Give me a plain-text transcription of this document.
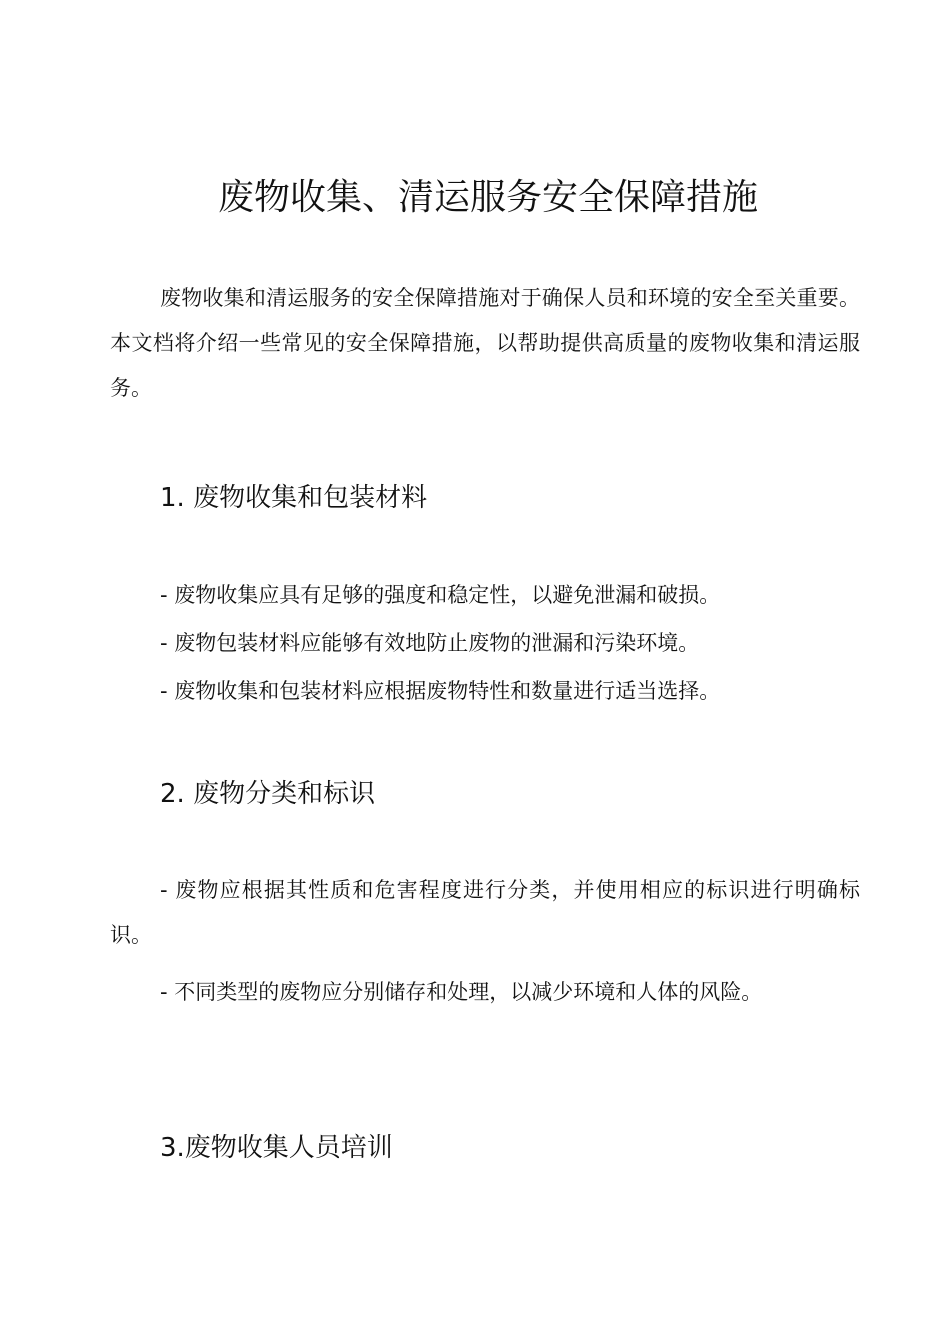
废物收集、清运服务安全保障措施

废物收集和清运服务的安全保障措施对于确保人员和环境的安全至关重要。本文档将介绍一些常见的安全保障措施，以帮助提供高质量的废物收集和清运服务。

1. 废物收集和包装材料

- 废物收集应具有足够的强度和稳定性，以避免泄漏和破损。

- 废物包装材料应能够有效地防止废物的泄漏和污染环境。

- 废物收集和包装材料应根据废物特性和数量进行适当选择。

2. 废物分类和标识

- 废物应根据其性质和危害程度进行分类，并使用相应的标识进行明确标识。

- 不同类型的废物应分别储存和处理，以减少环境和人体的风险。

3.废物收集人员培训
